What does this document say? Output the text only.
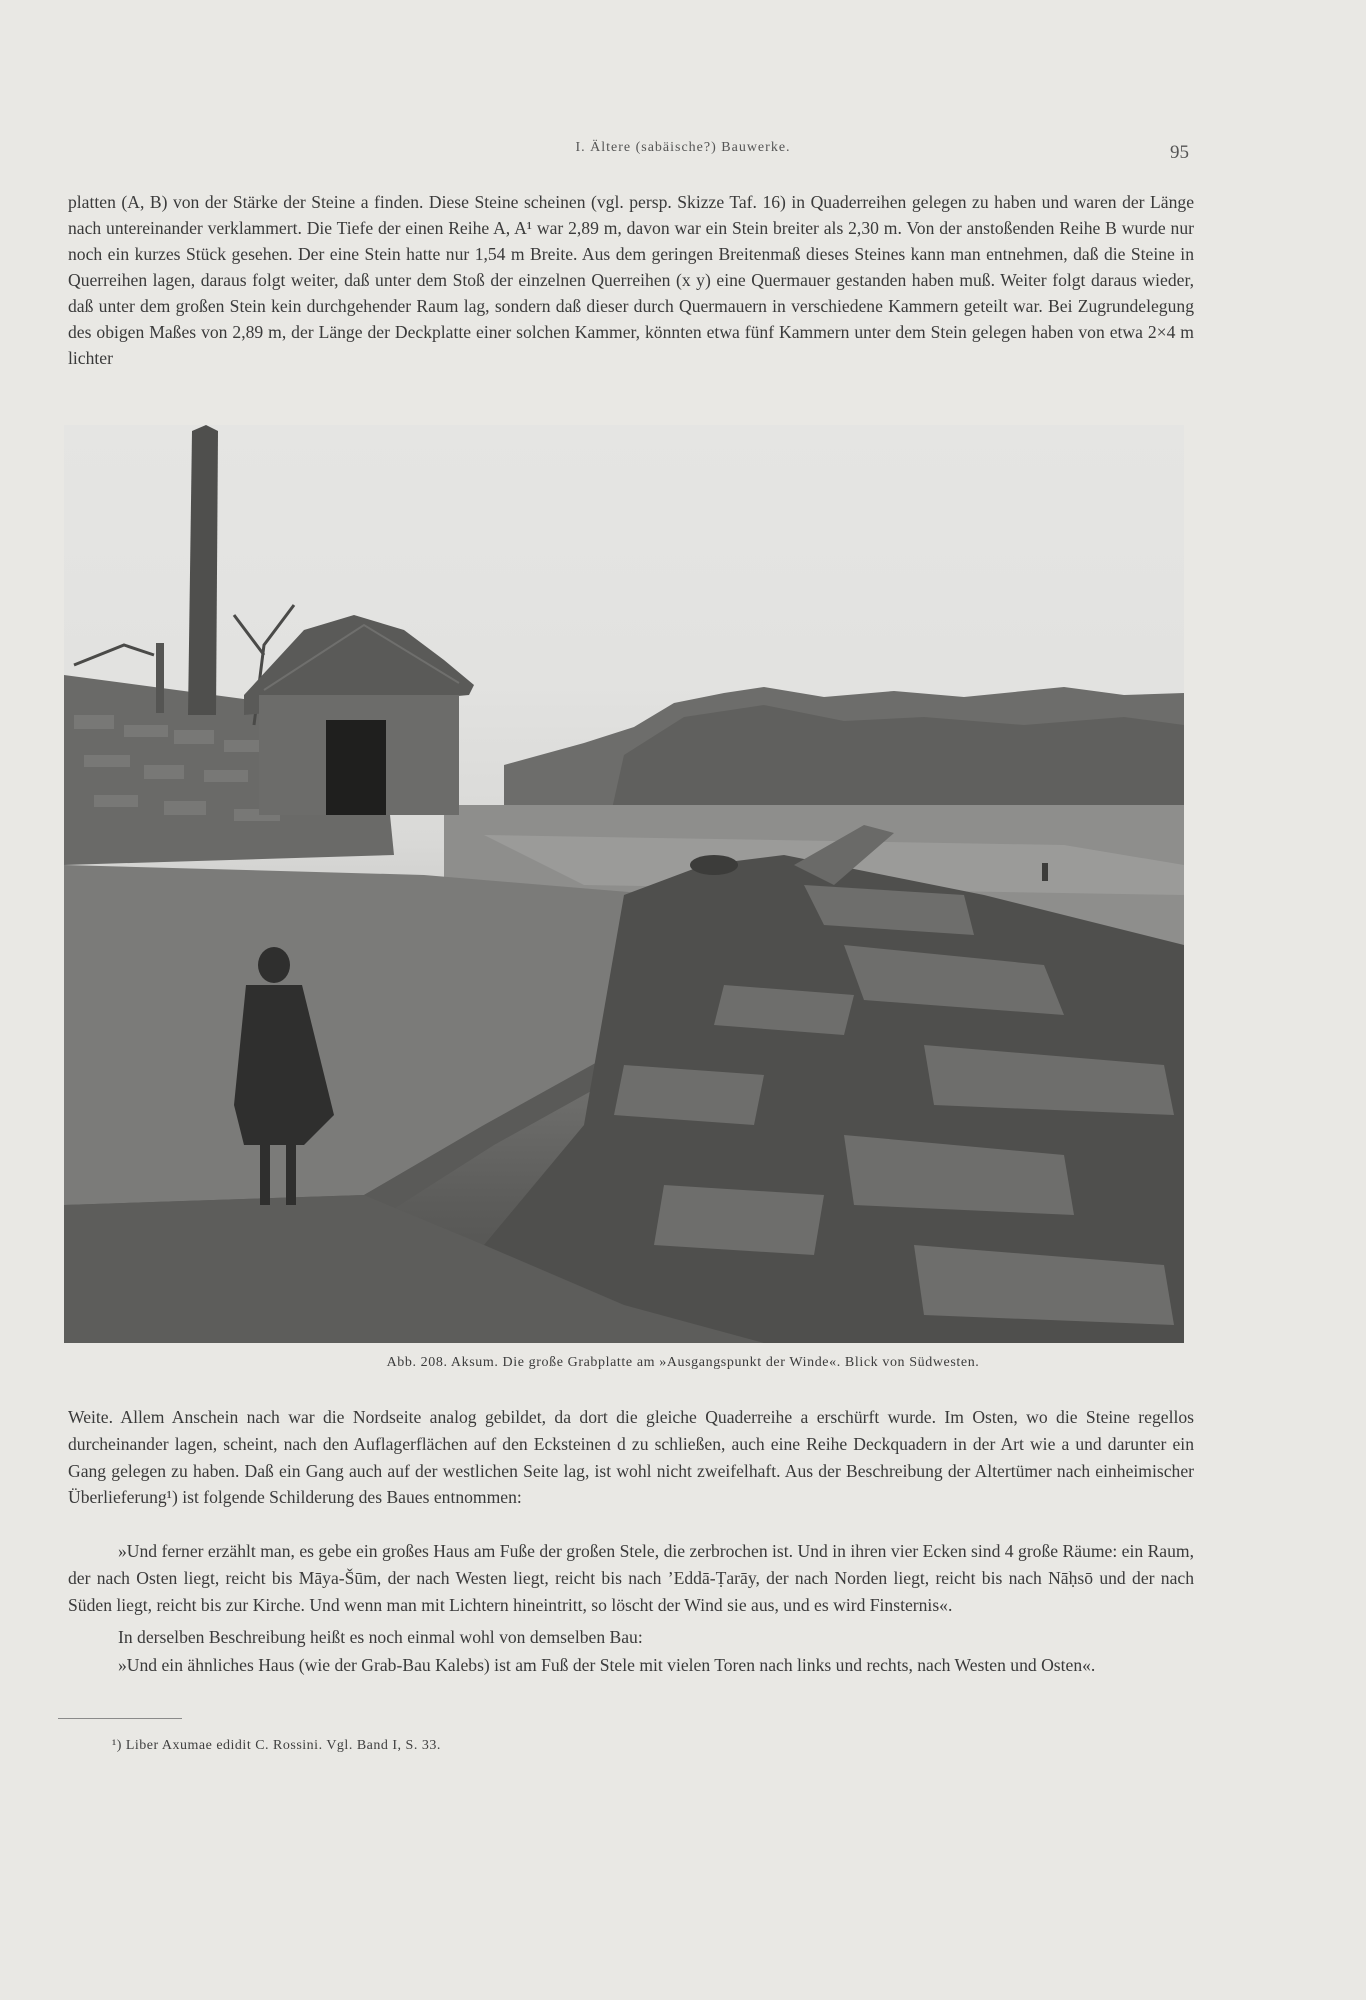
I. Ältere (sabäische?) Bauwerke.	95

platten (A, B) von der Stärke der Steine a finden. Diese Steine scheinen (vgl. persp. Skizze Taf. 16) in Quaderreihen gelegen zu haben und waren der Länge nach untereinander verklammert. Die Tiefe der einen Reihe A, A¹ war 2,89 m, davon war ein Stein breiter als 2,30 m. Von der anstoßenden Reihe B wurde nur noch ein kurzes Stück gesehen. Der eine Stein hatte nur 1,54 m Breite. Aus dem geringen Breitenmaß dieses Steines kann man entnehmen, daß die Steine in Querreihen lagen, daraus folgt weiter, daß unter dem Stoß der einzelnen Querreihen (x y) eine Quermauer gestanden haben muß. Weiter folgt daraus wieder, daß unter dem großen Stein kein durchgehender Raum lag, sondern daß dieser durch Quermauern in verschiedene Kammern geteilt war. Bei Zugrundelegung des obigen Maßes von 2,89 m, der Länge der Deckplatte einer solchen Kammer, könnten etwa fünf Kammern unter dem Stein gelegen haben von etwa 2×4 m lichter

Abb. 208. Aksum. Die große Grabplatte am »Ausgangspunkt der Winde«. Blick von Südwesten.

Weite. Allem Anschein nach war die Nordseite analog gebildet, da dort die gleiche Quaderreihe a erschürft wurde. Im Osten, wo die Steine regellos durcheinander lagen, scheint, nach den Auflagerflächen auf den Ecksteinen d zu schließen, auch eine Reihe Deckquadern in der Art wie a und darunter ein Gang gelegen zu haben. Daß ein Gang auch auf der westlichen Seite lag, ist wohl nicht zweifelhaft. Aus der Beschreibung der Altertümer nach einheimischer Überlieferung¹) ist folgende Schilderung des Baues entnommen:

»Und ferner erzählt man, es gebe ein großes Haus am Fuße der großen Stele, die zerbrochen ist. Und in ihren vier Ecken sind 4 große Räume: ein Raum, der nach Osten liegt, reicht bis Māya-Šūm, der nach Westen liegt, reicht bis nach ’Eddā-Ṭarāy, der nach Norden liegt, reicht bis nach Nāḥsō und der nach Süden liegt, reicht bis zur Kirche. Und wenn man mit Lichtern hineintritt, so löscht der Wind sie aus, und es wird Finsternis«.

In derselben Beschreibung heißt es noch einmal wohl von demselben Bau:

»Und ein ähnliches Haus (wie der Grab-Bau Kalebs) ist am Fuß der Stele mit vielen Toren nach links und rechts, nach Westen und Osten«.

¹) Liber Axumae edidit C. Rossini. Vgl. Band I, S. 33.
